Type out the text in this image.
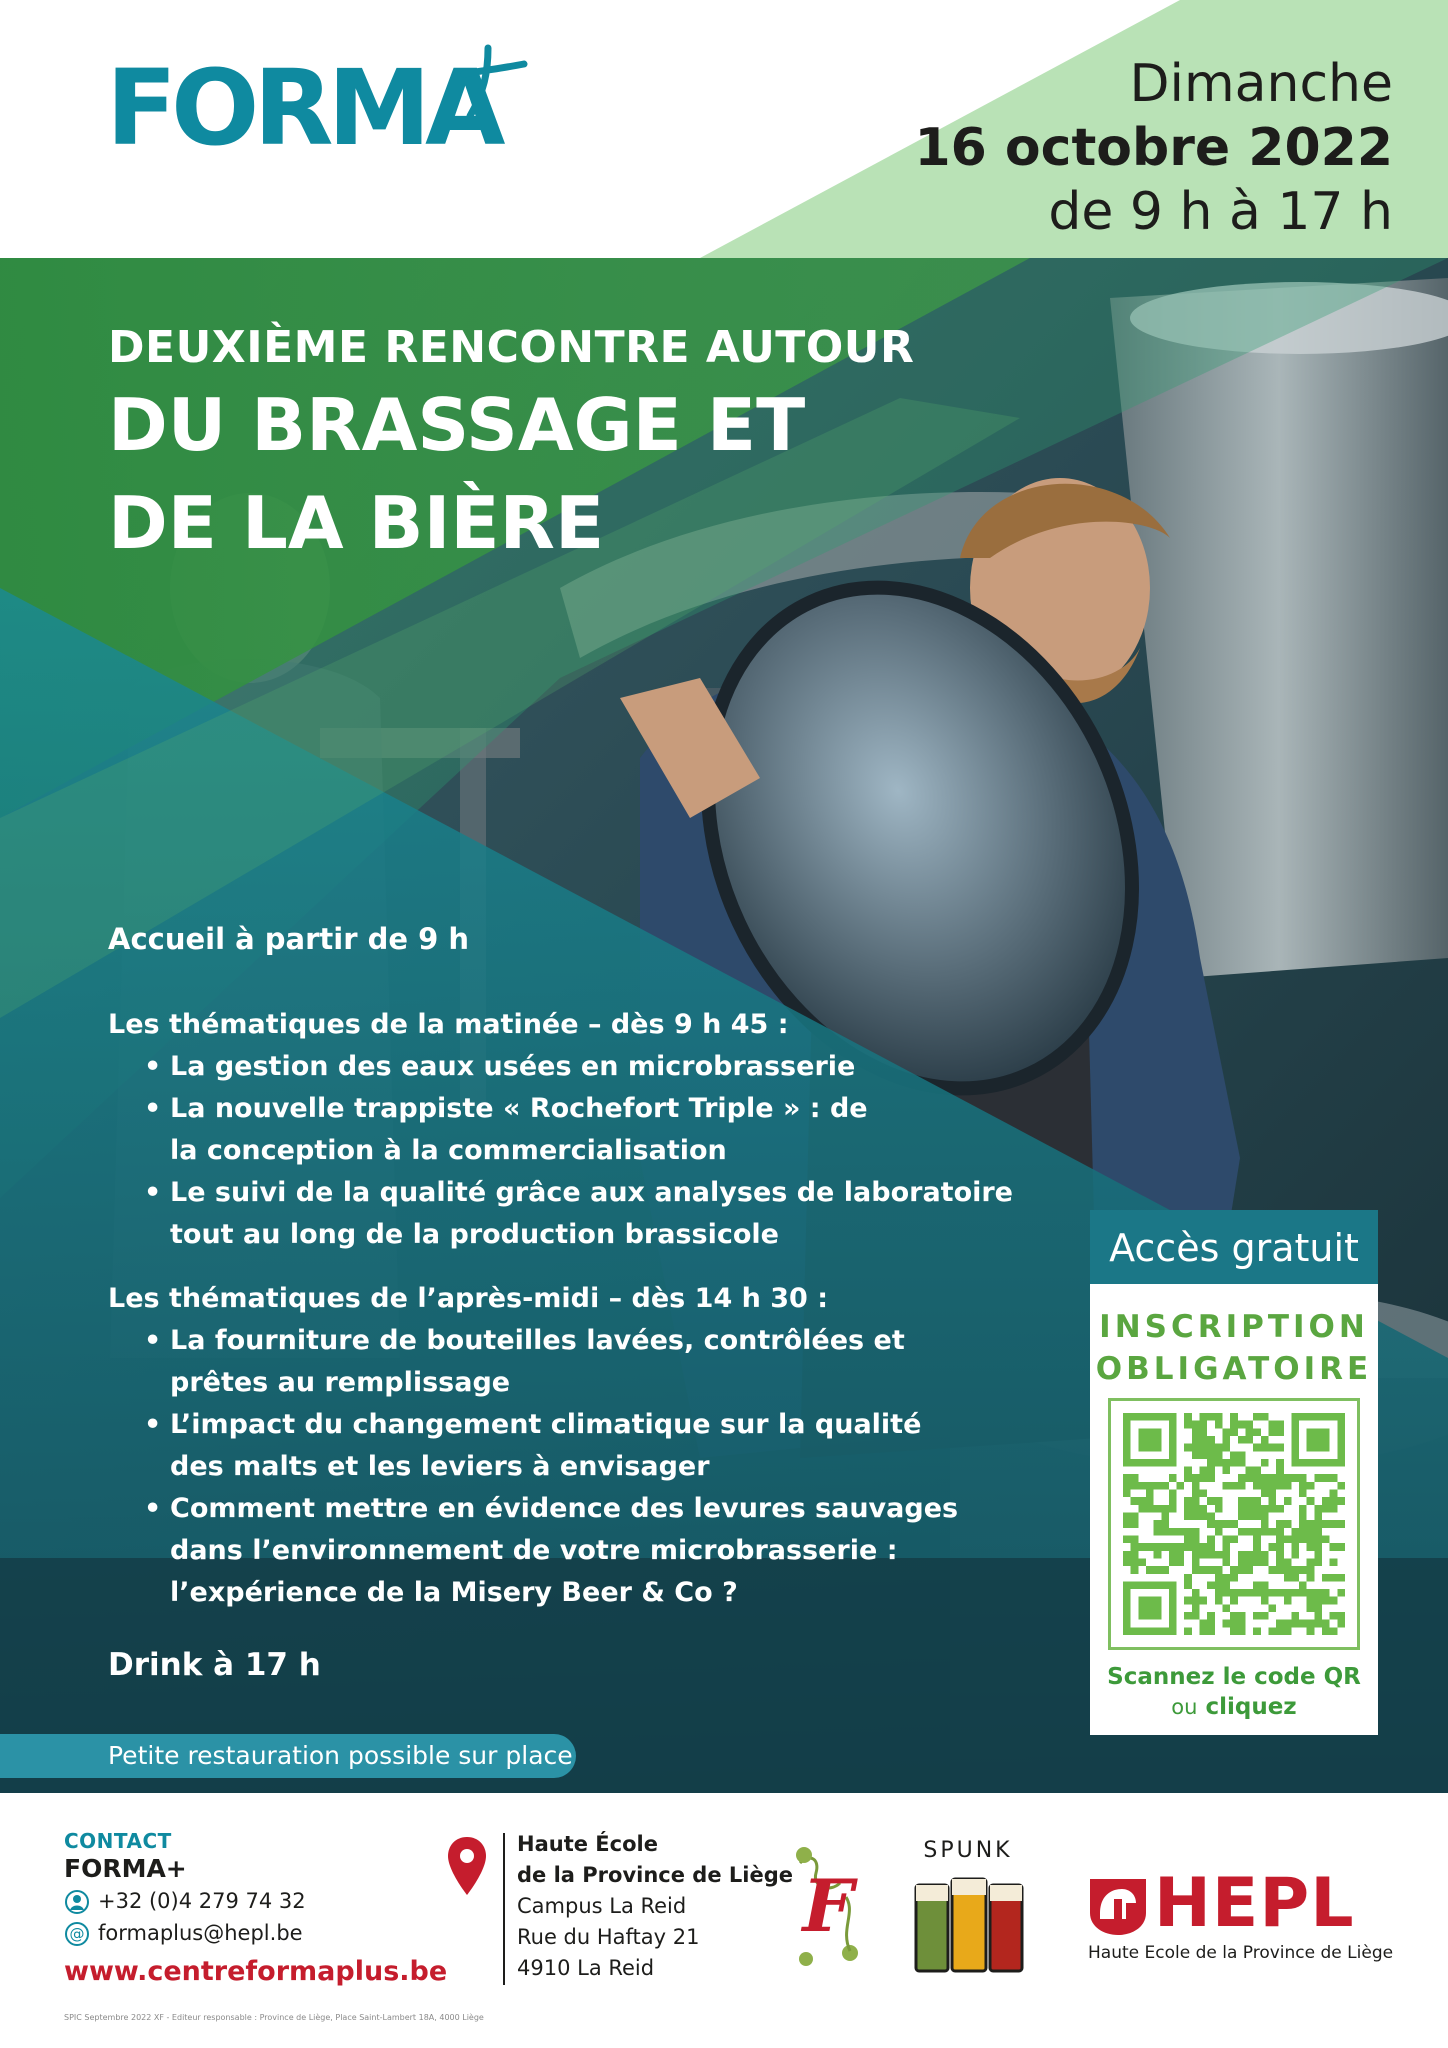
FORMA	Dimanche
16 octobre 2022
de 9 h à 17 h
DEUXIÈME RENCONTRE AUTOUR
DU BRASSAGE ET
DE LA BIÈRE
Accueil à partir de 9 h
Les thématiques de la matinée – dès 9 h 45 :
• La gestion des eaux usées en microbrasserie
• La nouvelle trappiste « Rochefort Triple » : de la conception à la commercialisation
• Le suivi de la qualité grâce aux analyses de laboratoire tout au long de la production brassicole
Les thématiques de l’après-midi – dès 14 h 30 :
• La fourniture de bouteilles lavées, contrôlées et prêtes au remplissage
• L’impact du changement climatique sur la qualité des malts et les leviers à envisager
• Comment mettre en évidence des levures sauvages dans l’environnement de votre microbrasserie : l’expérience de la Misery Beer & Co ?
Drink à 17 h
Petite restauration possible sur place
Accès gratuit
INSCRIPTION
OBLIGATOIRE
Scannez le code QR
ou cliquez
CONTACT
FORMA+
+32 (0)4 279 74 32
@ formaplus@hepl.be
www.centreformaplus.be
SPIC Septembre 2022 XF - Editeur responsable : Province de Liège, Place Saint-Lambert 18A, 4000 Liège
Haute École
de la Province de Liège
Campus La Reid
Rue du Haftay 21
4910 La Reid
F
SPUNK
HEPL
Haute Ecole de la Province de Liège
